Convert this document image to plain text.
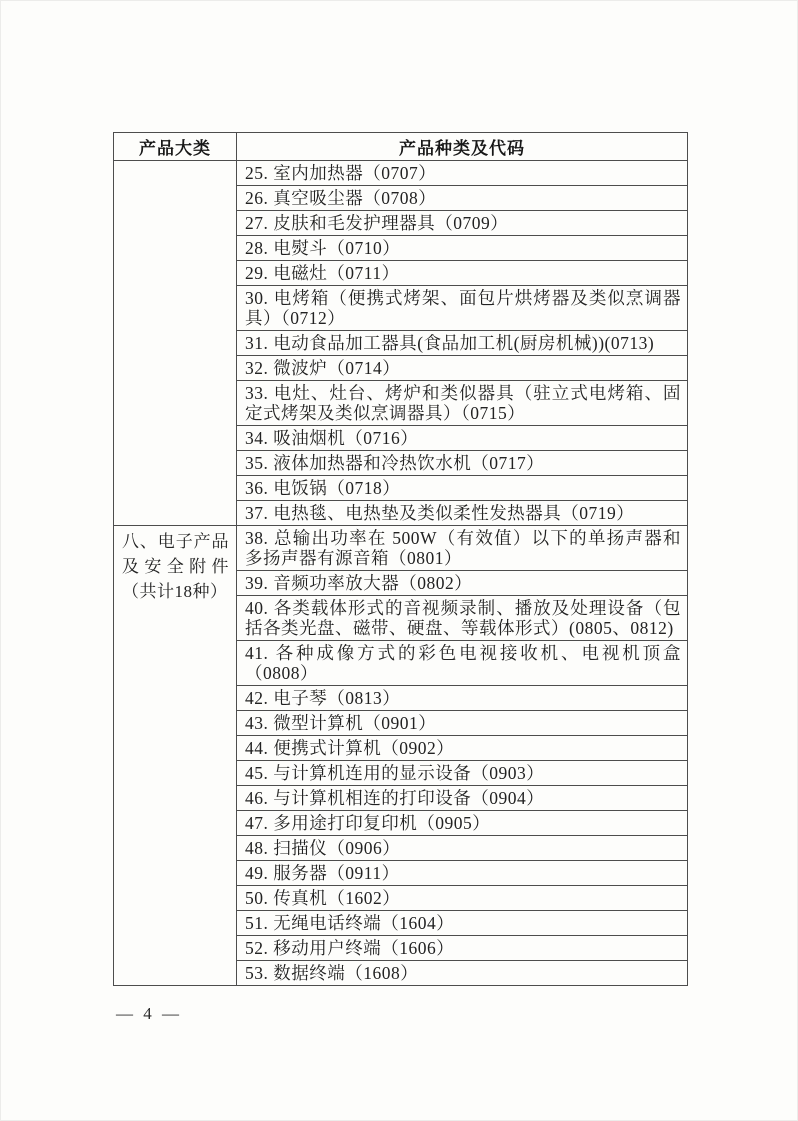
产品大类	产品种类及代码
	25. 室内加热器（0707）
	26. 真空吸尘器（0708）
	27. 皮肤和毛发护理器具（0709）
	28. 电熨斗（0710）
	29. 电磁灶（0711）
	30. 电烤箱（便携式烤架、面包片烘烤器及类似烹调器具）（0712）
	31. 电动食品加工器具(食品加工机(厨房机械))(0713)
	32. 微波炉（0714）
	33. 电灶、灶台、烤炉和类似器具（驻立式电烤箱、固定式烤架及类似烹调器具）（0715）
	34. 吸油烟机（0716）
	35. 液体加热器和冷热饮水机（0717）
	36. 电饭锅（0718）
	37. 电热毯、电热垫及类似柔性发热器具（0719）
八、电子产品及安全附件（共计18种）	38. 总输出功率在 500W（有效值）以下的单扬声器和多扬声器有源音箱（0801）
	39. 音频功率放大器（0802）
	40. 各类载体形式的音视频录制、播放及处理设备（包括各类光盘、磁带、硬盘、等载体形式）(0805、0812)
	41. 各种成像方式的彩色电视接收机、电视机顶盒（0808）
	42. 电子琴（0813）
	43. 微型计算机（0901）
	44. 便携式计算机（0902）
	45. 与计算机连用的显示设备（0903）
	46. 与计算机相连的打印设备（0904）
	47. 多用途打印复印机（0905）
	48. 扫描仪（0906）
	49. 服务器（0911）
	50. 传真机（1602）
	51. 无绳电话终端（1604）
	52. 移动用户终端（1606）
	53. 数据终端（1608）
— 4 —
